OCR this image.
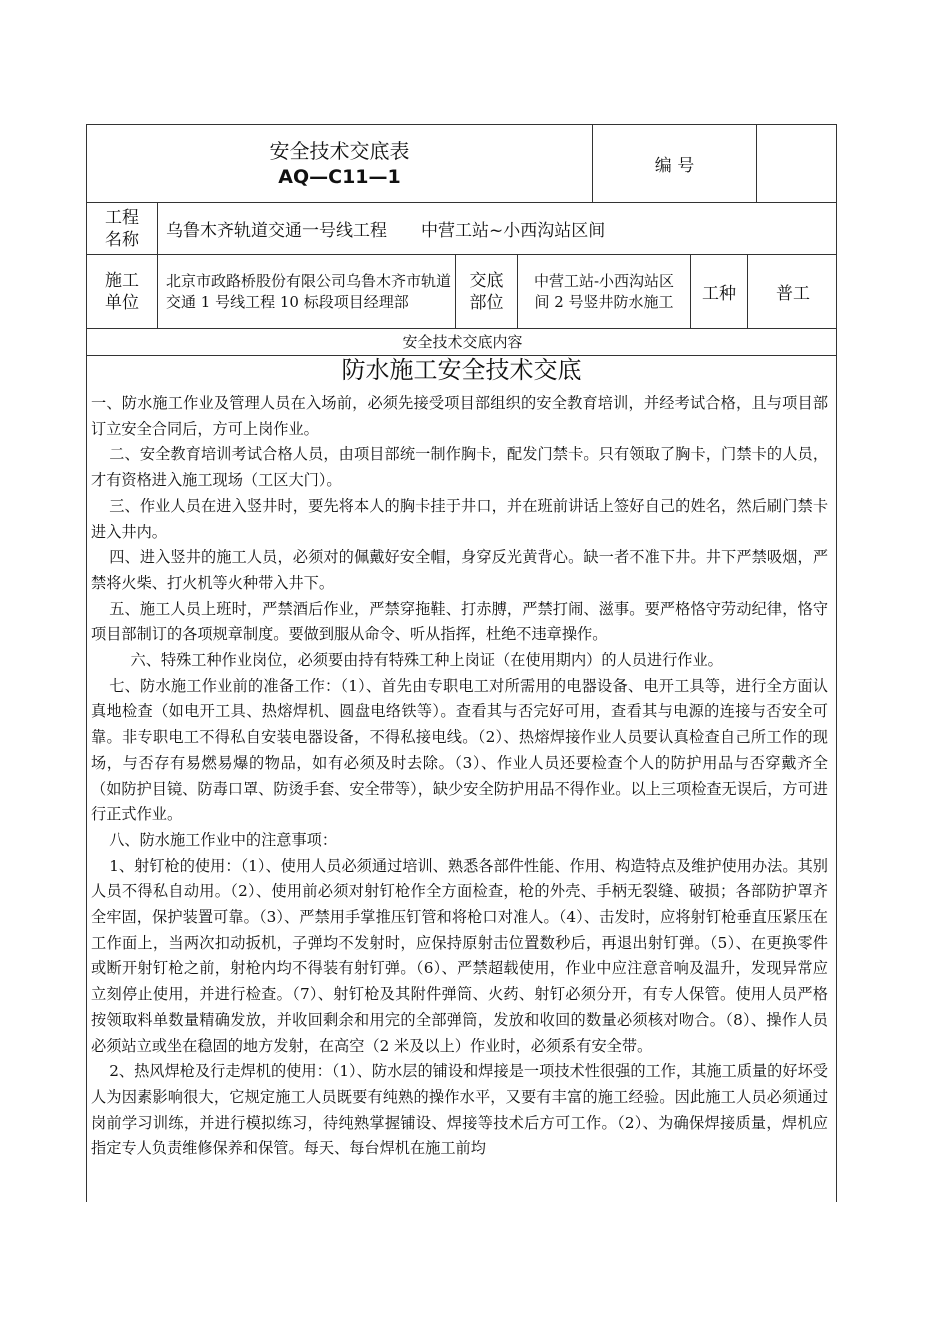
安全技术交底表
AQ—C11—1	编 号
工程名称 乌鲁木齐轨道交通一号线工程　　中营工站~小西沟站区间
施工单位
北京市政路桥股份有限公司乌鲁木齐市轨道交通 1 号线工程 10 标段项目经理部
交底部位
中营工站-小西沟站区间 2 号竖井防水施工 工种 普工
安全技术交底内容
防水施工安全技术交底

一、防水施工作业及管理人员在入场前，必须先接受项目部组织的安全教育培训，并经考试合格，且与项目部订立安全合同后，方可上岗作业。

二、安全教育培训考试合格人员，由项目部统一制作胸卡，配发门禁卡。只有领取了胸卡，门禁卡的人员，才有资格进入施工现场（工区大门）。

三、作业人员在进入竖井时，要先将本人的胸卡挂于井口，并在班前讲话上签好自己的姓名，然后刷门禁卡进入井内。

四、进入竖井的施工人员，必须对的佩戴好安全帽，身穿反光黄背心。缺一者不准下井。井下严禁吸烟，严禁将火柴、打火机等火种带入井下。

五、施工人员上班时，严禁酒后作业，严禁穿拖鞋、打赤膊，严禁打闹、滋事。要严格恪守劳动纪律，恪守项目部制订的各项规章制度。要做到服从命令、听从指挥，杜绝不违章操作。

六、特殊工种作业岗位，必须要由持有特殊工种上岗证（在使用期内）的人员进行作业。

七、防水施工作业前的准备工作：（1）、首先由专职电工对所需用的电器设备、电开工具等，进行全方面认真地检查（如电开工具、热熔焊机、圆盘电络铁等）。查看其与否完好可用，查看其与电源的连接与否安全可靠。非专职电工不得私自安装电器设备，不得私接电线。（2）、热熔焊接作业人员要认真检查自己所工作的现场，与否存有易燃易爆的物品，如有必须及时去除。（3）、作业人员还要检查个人的防护用品与否穿戴齐全（如防护目镜、防毒口罩、防烫手套、安全带等），缺少安全防护用品不得作业。以上三项检查无误后，方可进行正式作业。

八、防水施工作业中的注意事项：

1、射钉枪的使用：（1）、使用人员必须通过培训、熟悉各部件性能、作用、构造特点及维护使用办法。其别人员不得私自动用。（2）、使用前必须对射钉枪作全方面检查，枪的外壳、手柄无裂缝、破损；各部防护罩齐全牢固，保护装置可靠。（3）、严禁用手掌推压钉管和将枪口对准人。（4）、击发时，应将射钉枪垂直压紧压在工作面上，当两次扣动扳机，子弹均不发射时，应保持原射击位置数秒后，再退出射钉弹。（5）、在更换零件或断开射钉枪之前，射枪内均不得装有射钉弹。（6）、严禁超载使用，作业中应注意音响及温升，发现异常应立刻停止使用，并进行检查。（7）、射钉枪及其附件弹筒、火药、射钉必须分开，有专人保管。使用人员严格按领取料单数量精确发放，并收回剩余和用完的全部弹筒，发放和收回的数量必须核对吻合。（8）、操作人员必须站立或坐在稳固的地方发射，在高空（2 米及以上）作业时，必须系有安全带。

2、热风焊枪及行走焊机的使用：（1）、防水层的铺设和焊接是一项技术性很强的工作，其施工质量的好坏受人为因素影响很大，它规定施工人员既要有纯熟的操作水平，又要有丰富的施工经验。因此施工人员必须通过岗前学习训练，并进行模拟练习，待纯熟掌握铺设、焊接等技术后方可工作。（2）、为确保焊接质量，焊机应指定专人负责维修保养和保管。每天、每台焊机在施工前均
